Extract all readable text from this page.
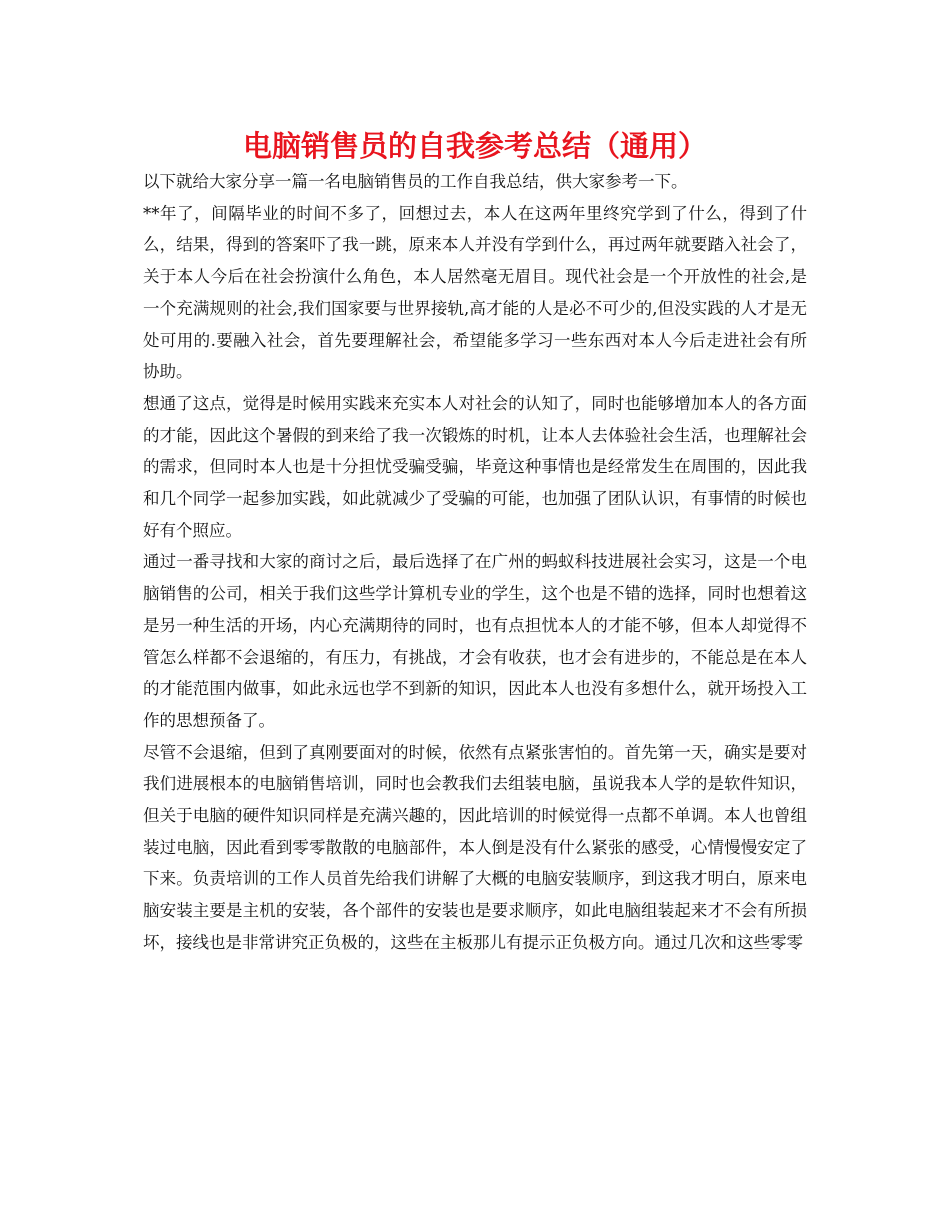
电脑销售员的自我参考总结（通用）

以下就给大家分享一篇一名电脑销售员的工作自我总结，供大家参考一下。

**年了，间隔毕业的时间不多了，回想过去，本人在这两年里终究学到了什么，得到了什么，结果，得到的答案吓了我一跳，原来本人并没有学到什么，再过两年就要踏入社会了，关于本人今后在社会扮演什么角色，本人居然毫无眉目。现代社会是一个开放性的社会,是一个充满规则的社会,我们国家要与世界接轨,高才能的人是必不可少的,但没实践的人才是无处可用的.要融入社会，首先要理解社会，希望能多学习一些东西对本人今后走进社会有所协助。

想通了这点，觉得是时候用实践来充实本人对社会的认知了，同时也能够增加本人的各方面的才能，因此这个暑假的到来给了我一次锻炼的时机，让本人去体验社会生活，也理解社会的需求，但同时本人也是十分担忧受骗受骗，毕竟这种事情也是经常发生在周围的，因此我和几个同学一起参加实践，如此就减少了受骗的可能，也加强了团队认识，有事情的时候也好有个照应。

通过一番寻找和大家的商讨之后，最后选择了在广州的蚂蚁科技进展社会实习，这是一个电脑销售的公司，相关于我们这些学计算机专业的学生，这个也是不错的选择，同时也想着这是另一种生活的开场，内心充满期待的同时，也有点担忧本人的才能不够，但本人却觉得不管怎么样都不会退缩的，有压力，有挑战，才会有收获，也才会有进步的，不能总是在本人的才能范围内做事，如此永远也学不到新的知识，因此本人也没有多想什么，就开场投入工作的思想预备了。

尽管不会退缩，但到了真刚要面对的时候，依然有点紧张害怕的。首先第一天，确实是要对我们进展根本的电脑销售培训，同时也会教我们去组装电脑，虽说我本人学的是软件知识，但关于电脑的硬件知识同样是充满兴趣的，因此培训的时候觉得一点都不单调。本人也曾组装过电脑，因此看到零零散散的电脑部件，本人倒是没有什么紧张的感受，心情慢慢安定了下来。负责培训的工作人员首先给我们讲解了大概的电脑安装顺序，到这我才明白，原来电脑安装主要是主机的安装，各个部件的安装也是要求顺序，如此电脑组装起来才不会有所损坏，接线也是非常讲究正负极的，这些在主板那儿有提示正负极方向。通过几次和这些零零
